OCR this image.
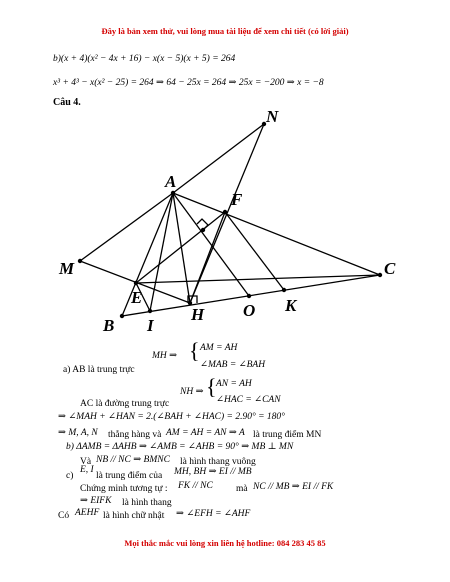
Đây là bản xem thử, vui lòng mua tài liệu để xem chi tiết (có lời giải)
b)(x + 4)(x² − 4x + 16) − x(x − 5)(x + 5) = 264
x³ + 4³ − x(x² − 25) = 264 ⇒ 64 − 25x = 264 ⇒ 25x = −200 ⇒ x = −8
Câu 4.
N
A
F
M	C
E
O K
B I
H
MH ⇒ { AM = AH
∠MAB = ∠BAH
a) AB là trung trực
NH ⇒ { AN = AH
∠HAC = ∠CAN
AC là đường trung trực
⇒ ∠MAH + ∠HAN = 2.(∠BAH + ∠HAC) = 2.90° = 180°
⇒ M, A, N thẳng hàng và AM = AH = AN ⇒ A là trung điểm MN
b) ΔAMB = ΔAHB ⇒ ∠AMB = ∠AHB = 90° ⇒ MB ⊥ MN
Và NB // NC ⇒ BMNC là hình thang vuông
c)
E, I
là trung điểm của MH, BH ⇒ EI // MB
Chứng minh tương tự : FK // NC mà NC // MB ⇒ EI // FK
⇒ EIFK là hình thang
Có AEHF là hình chữ nhật ⇒ ∠EFH = ∠AHF
Mọi thắc mắc vui lòng xin liên hệ hotline: 084 283 45 85
